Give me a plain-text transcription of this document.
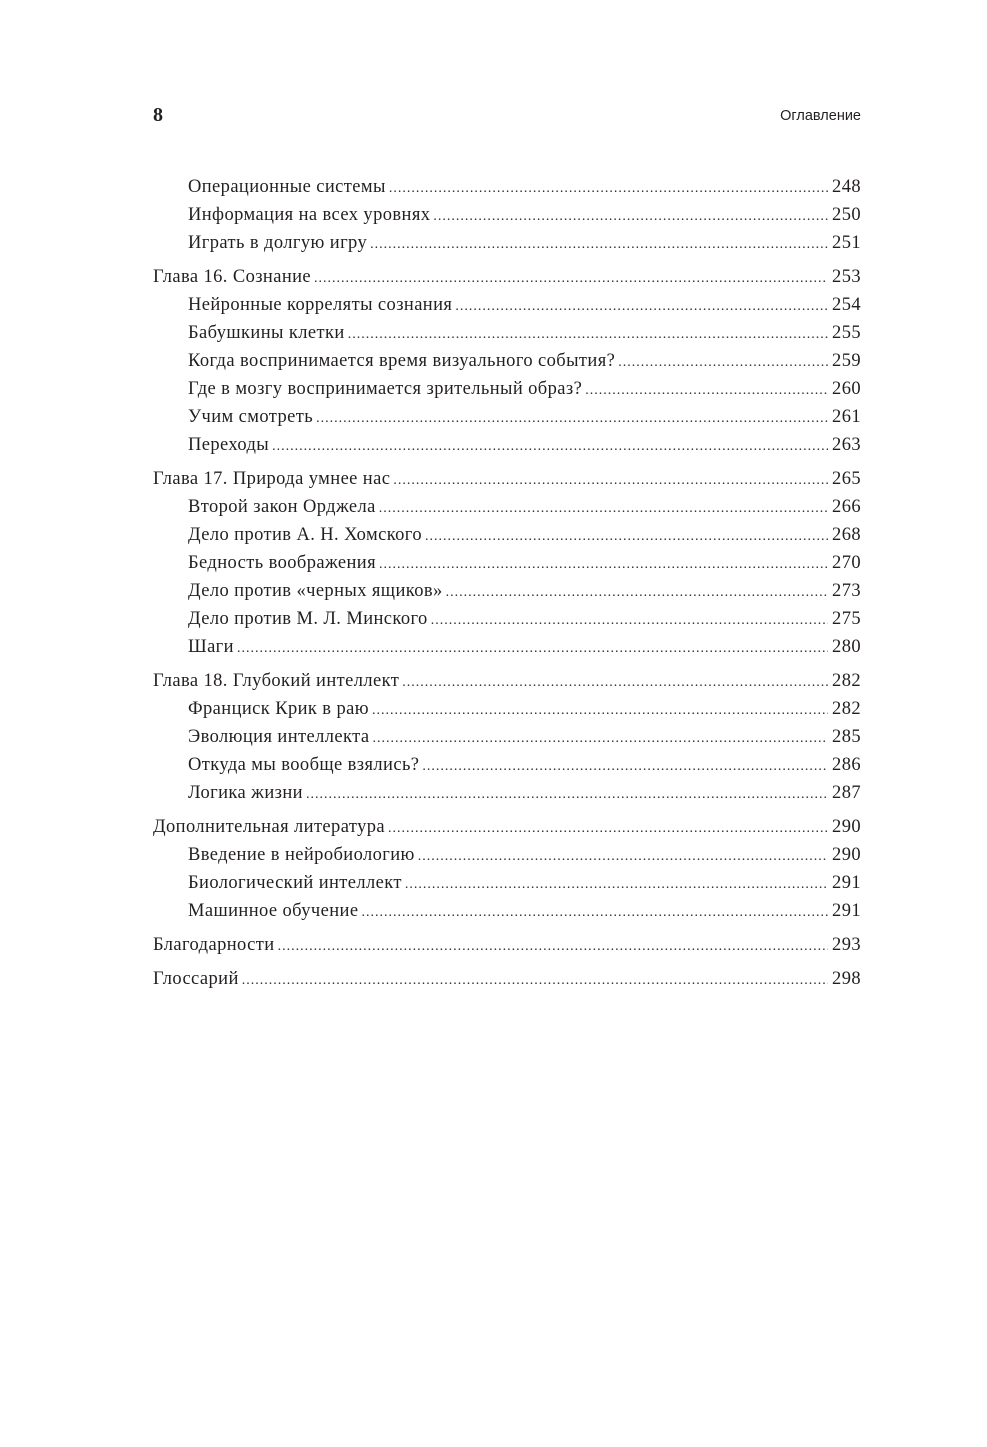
8	Оглавление
Операционные системы .....	248
Информация на всех уровнях .....	250
Играть в долгую игру .....	251
Глава 16. Сознание .....	253
Нейронные корреляты сознания .....	254
Бабушкины клетки .....	255
Когда воспринимается время визуального события? .....	259
Где в мозгу воспринимается зрительный образ? .....	260
Учим смотреть .....	261
Переходы .....	263
Глава 17. Природа умнее нас .....	265
Второй закон Орджела .....	266
Дело против А. Н. Хомского .....	268
Бедность воображения .....	270
Дело против «черных ящиков» .....	273
Дело против М. Л. Минского .....	275
Шаги .....	280
Глава 18. Глубокий интеллект .....	282
Франциск Крик в раю .....	282
Эволюция интеллекта .....	285
Откуда мы вообще взялись? .....	286
Логика жизни .....	287
Дополнительная литература .....	290
Введение в нейробиологию .....	290
Биологический интеллект .....	291
Машинное обучение .....	291
Благодарности .....	293
Глоссарий .....	298
